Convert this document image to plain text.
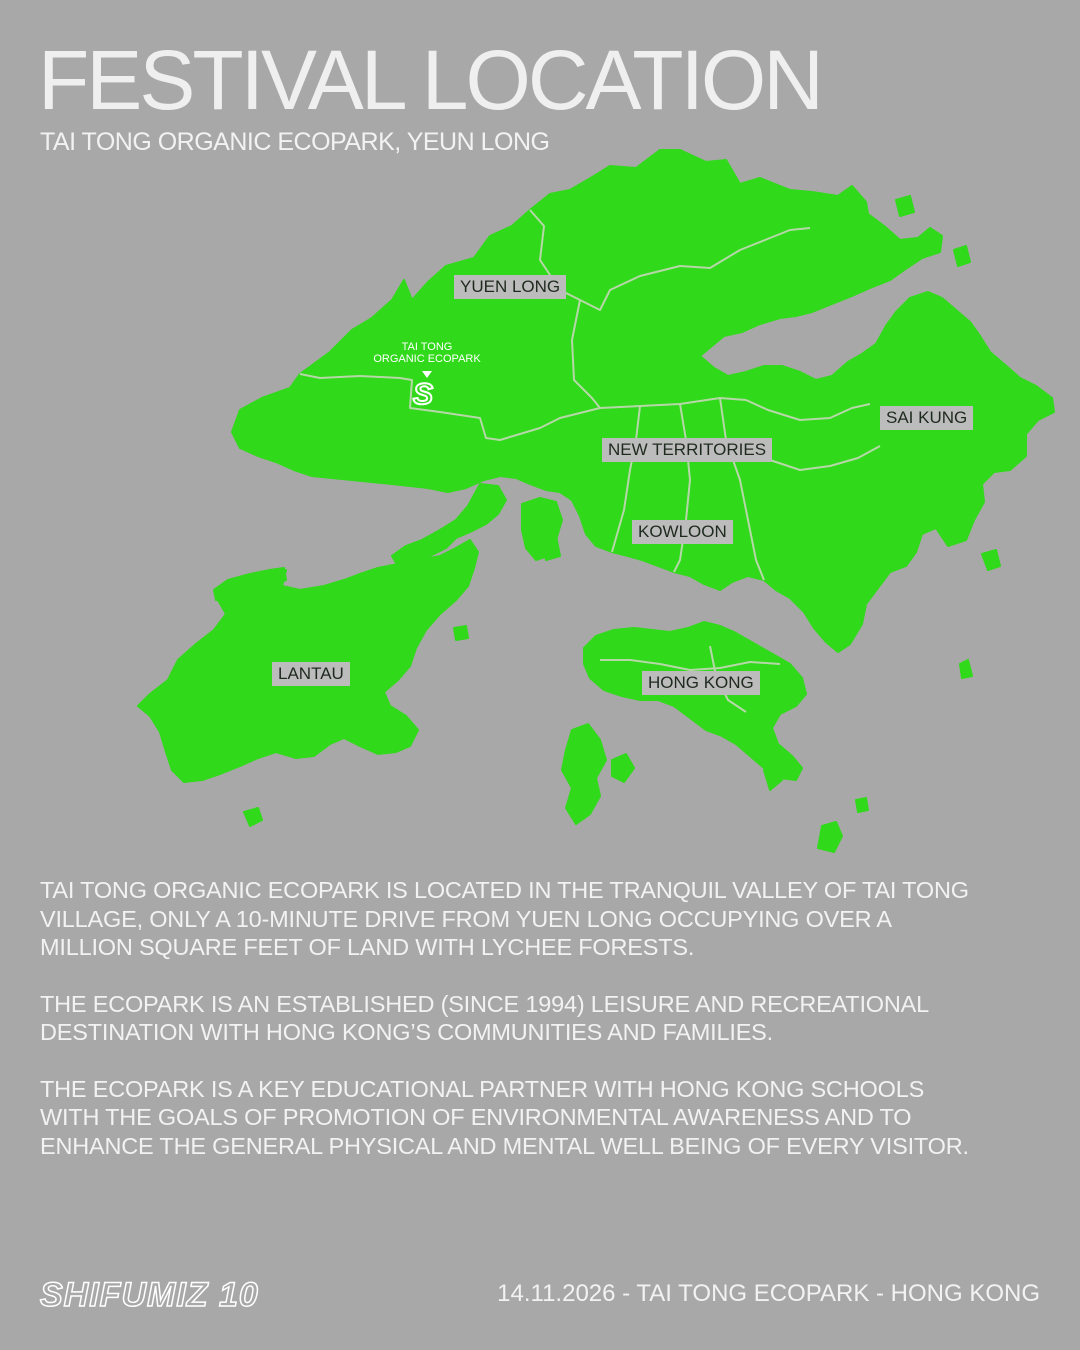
FESTIVAL LOCATION
TAI TONG ORGANIC ECOPARK, YEUN LONG
YUEN LONG
NEW TERRITORIES
KOWLOON
SAI KUNG
LANTAU	HONG KONG
TAI TONG
ORGANIC ECOPARK
S

TAI TONG ORGANIC ECOPARK IS LOCATED IN THE TRANQUIL VALLEY OF TAI TONG VILLAGE, ONLY A 10-MINUTE DRIVE FROM YUEN LONG OCCUPYING OVER A MILLION SQUARE FEET OF LAND WITH LYCHEE FORESTS.

THE ECOPARK IS AN ESTABLISHED (SINCE 1994) LEISURE AND RECREATIONAL DESTINATION WITH HONG KONG’S COMMUNITIES AND FAMILIES.

THE ECOPARK IS A KEY EDUCATIONAL PARTNER WITH HONG KONG SCHOOLS WITH THE GOALS OF PROMOTION OF ENVIRONMENTAL AWARENESS AND TO ENHANCE THE GENERAL PHYSICAL AND MENTAL WELL BEING OF EVERY VISITOR.

SHIFUMIZ 10	14.11.2026 - TAI TONG ECOPARK - HONG KONG
